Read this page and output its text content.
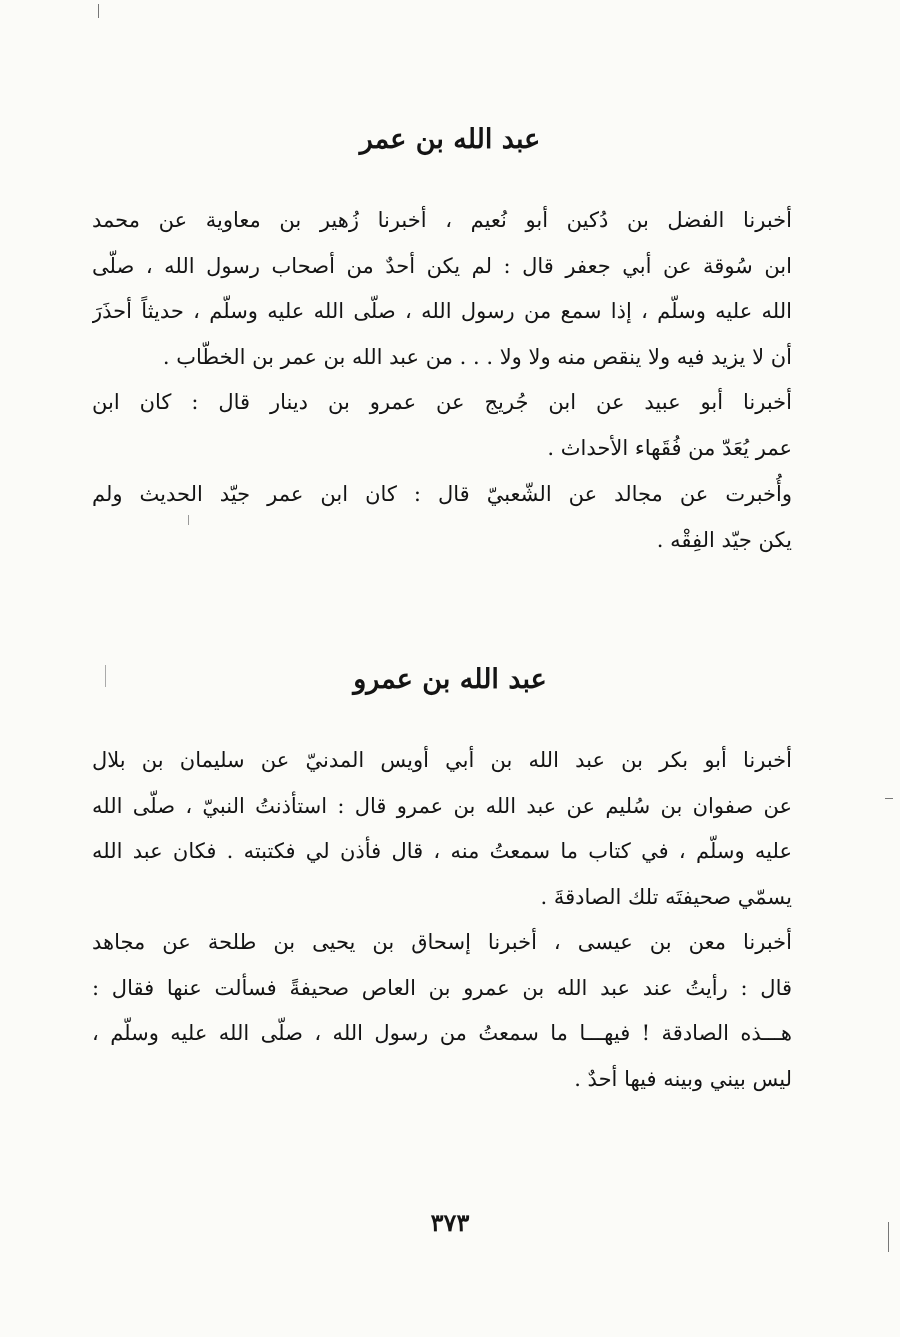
عبد الله بن عمر
أخبرنا الفضل بن دُكين أبو نُعيم ، أخبرنا زُهير بن معاوية عن محمد
ابن سُوقة عن أبي جعفر قال : لم يكن أحدٌ من أصحاب رسول الله ، صلّى
الله عليه وسلّم ، إذا سمع من رسول الله ، صلّى الله عليه وسلّم ، حديثاً أحذَرَ
أن لا يزيد فيه ولا ينقص منه ولا ولا . . . من عبد الله بن عمر بن الخطّاب .
أخبرنا أبو عبيد عن ابن جُريج عن عمرو بن دينار قال : كان ابن
عمر يُعَدّ من فُقَهاء الأحداث .
وأُخبرت عن مجالد عن الشّعبيّ قال : كان ابن عمر جيّد الحديث ولم
يكن جيّد الفِقْه .
عبد الله بن عمرو
أخبرنا أبو بكر بن عبد الله بن أبي أويس المدنيّ عن سليمان بن بلال
عن صفوان بن سُليم عن عبد الله بن عمرو قال : استأذنتُ النبيّ ، صلّى الله
عليه وسلّم ، في كتاب ما سمعتُ منه ، قال فأذن لي فكتبته . فكان عبد الله
يسمّي صحيفتَه تلك الصادقةَ .
أخبرنا معن بن عيسى ، أخبرنا إسحاق بن يحيى بن طلحة عن مجاهد
قال : رأيتُ عند عبد الله بن عمرو بن العاص صحيفةً فسألت عنها فقال :
هـــذه الصادقة ! فيهـــا ما سمعتُ من رسول الله ، صلّى الله عليه وسلّم ،
ليس بيني وبينه فيها أحدٌ .
٣٧٣
